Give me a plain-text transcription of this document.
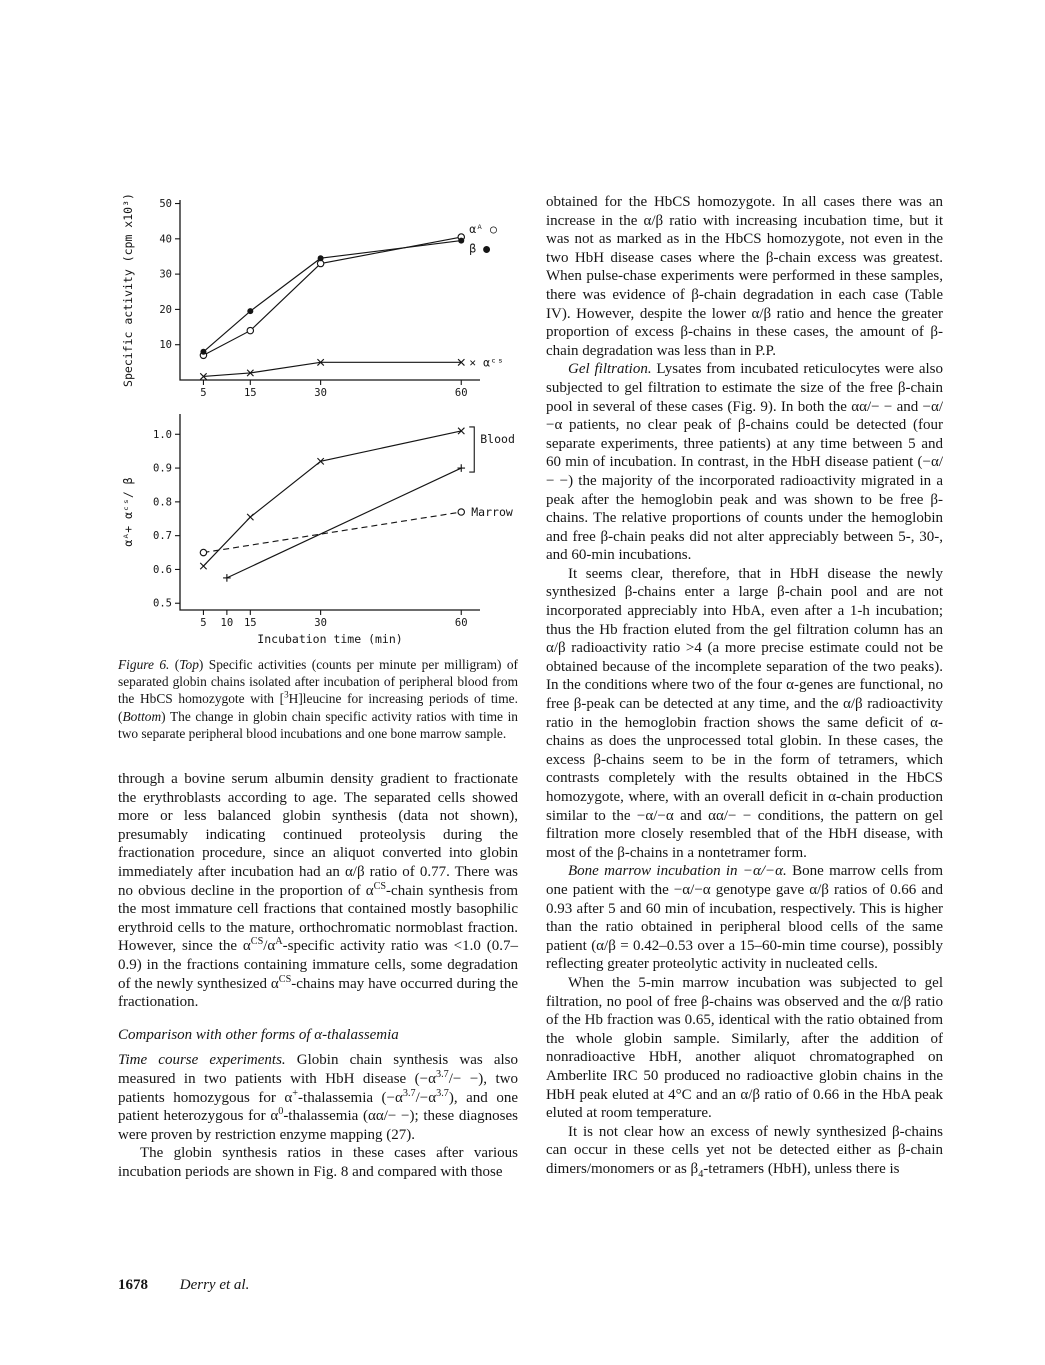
10
20
30
40
50
5	15	30	60
Specific activity (cpm x10³)	αᴬ ○
β ●
× αᶜˢ
0.5
0.6
0.7
0.8
0.9
1.0
5 10 15	30	60
αᴬ+ αᶜˢ/ β
Incubation time (min)
Marrow
Blood
Figure 6. (Top) Specific activities (counts per minute per milligram) of separated globin chains isolated after incubation of peripheral blood from the HbCS homozygote with [$^3$H]leucine for increasing periods of time. (Bottom) The change in globin chain specific activity ratios with time in two separate peripheral blood incubations and one bone marrow sample.

through a bovine serum albumin density gradient to fractionate the erythroblasts according to age. The separated cells showed more or less balanced globin synthesis (data not shown), presumably indicating continued proteolysis during the fractionation procedure, since an aliquot converted into globin immediately after incubation had an α/β ratio of 0.77. There was no obvious decline in the proportion of $\alpha^{CS}$-chain synthesis from the most immature cell fractions that contained mostly basophilic erythroid cells to the mature, orthochromatic normoblast fraction. However, since the $\alpha^{CS}/\alpha^A$-specific activity ratio was <1.0 (0.7–0.9) in the fractions containing immature cells, some degradation of the newly synthesized $\alpha^{CS}$-chains may have occurred during the fractionation.

Comparison with other forms of α-thalassemia

Time course experiments. Globin chain synthesis was also measured in two patients with HbH disease ($-\alpha^{3.7}/-$ −), two patients homozygous for α+-thalassemia $(-\alpha^{3.7}/-\alpha^{3.7})$, and one patient heterozygous for $\alpha^0$-thalassemia (αα/− −); these diagnoses were proven by restriction enzyme mapping (27).

The globin synthesis ratios in these cases after various incubation periods are shown in Fig. 8 and compared with those

obtained for the HbCS homozygote. In all cases there was an increase in the α/β ratio with increasing incubation time, but it was not as marked as in the HbCS homozygote, not even in the two HbH disease cases where the β-chain excess was greatest. When pulse-chase experiments were performed in these samples, there was evidence of β-chain degradation in each case (Table IV). However, despite the lower α/β ratio and hence the greater proportion of excess β-chains in these cases, the amount of β-chain degradation was less than in P.P.

Gel filtration. Lysates from incubated reticulocytes were also subjected to gel filtration to estimate the size of the free β-chain pool in several of these cases (Fig. 9). In both the αα/− − and −α/−α patients, no clear peak of β-chains could be detected (four separate experiments, three patients) at any time between 5 and 60 min of incubation. In contrast, in the HbH disease patient (−α/− −) the majority of the incorporated radioactivity migrated in a peak after the hemoglobin peak and was shown to be free β-chains. The relative proportions of counts under the hemoglobin and free β-chain peaks did not alter appreciably between 5-, 30-, and 60-min incubations.

It seems clear, therefore, that in HbH disease the newly synthesized β-chains enter a large β-chain pool and are not incorporated appreciably into HbA, even after a 1-h incubation; thus the Hb fraction eluted from the gel filtration column has an α/β radioactivity ratio >4 (a more precise estimate could not be obtained because of the incomplete separation of the two peaks). In the conditions where two of the four α-genes are functional, no free β-peak can be detected at any time, and the α/β radioactivity ratio in the hemoglobin fraction shows the same deficit of α-chains as does the unprocessed total globin. In these cases, the excess β-chains seem to be in the form of tetramers, which contrasts completely with the results obtained in the HbCS homozygote, where, with an overall deficit in α-chain production similar to the −α/−α and αα/− − conditions, the pattern on gel filtration more closely resembled that of the HbH disease, with most of the β-chains in a nontetramer form.

Bone marrow incubation in −α/−α. Bone marrow cells from one patient with the −α/−α genotype gave α/β ratios of 0.66 and 0.93 after 5 and 60 min of incubation, respectively. This is higher than the ratio obtained in peripheral blood cells of the same patient (α/β = 0.42–0.53 over a 15–60-min time course), possibly reflecting greater proteolytic activity in nucleated cells.

When the 5-min marrow incubation was subjected to gel filtration, no pool of free β-chains was observed and the α/β ratio of the Hb fraction was 0.65, identical with the ratio obtained from the whole globin sample. Similarly, after the addition of nonradioactive HbH, another aliquot chromatographed on Amberlite IRC 50 produced no radioactive globin chains in the HbH peak eluted at 4°C and an α/β ratio of 0.66 in the HbA peak eluted at room temperature.

It is not clear how an excess of newly synthesized β-chains can occur in these cells yet not be detected either as β-chain dimers/monomers or as $\beta_4$-tetramers (HbH), unless there is

1678 Derry et al.
